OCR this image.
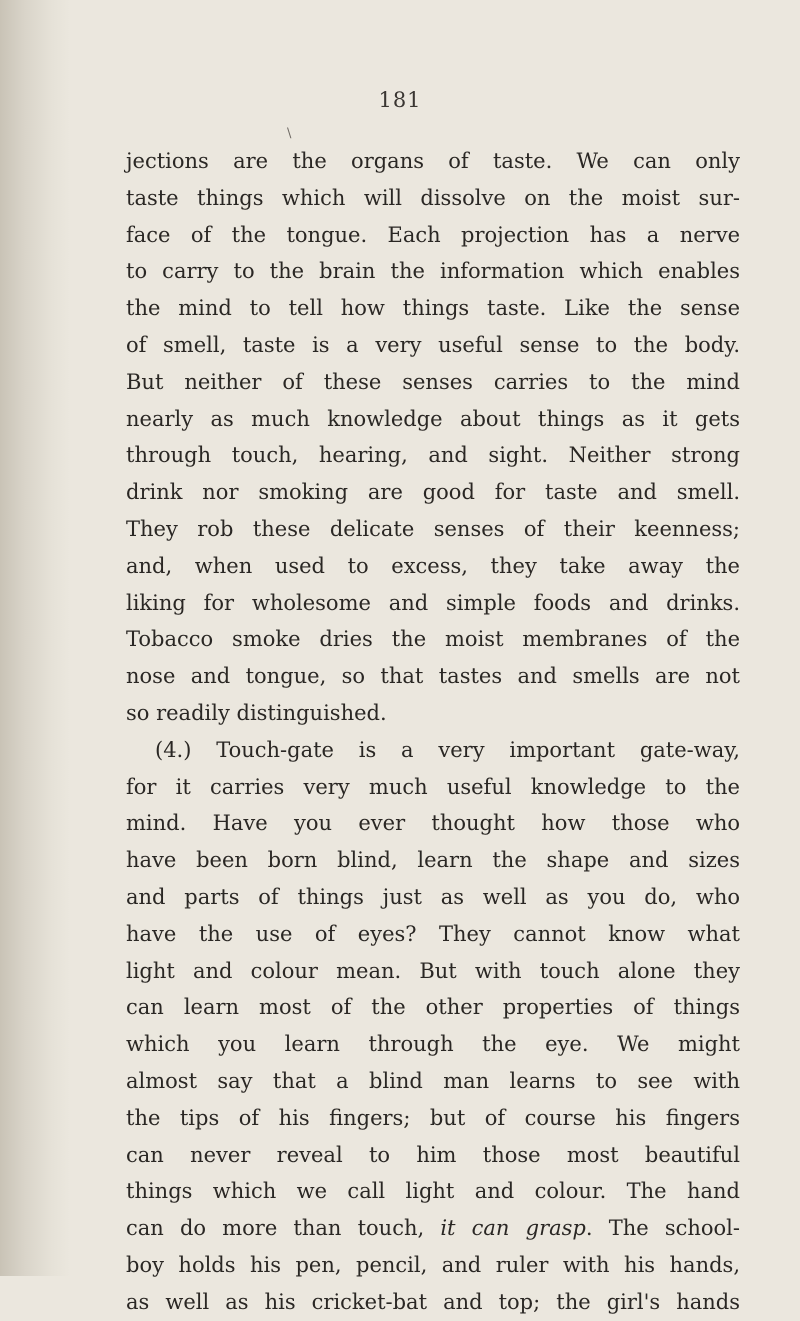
181
\
jections are the organs of taste. We can only
taste things which will dissolve on the moist sur-
face of the tongue. Each projection has a nerve
to carry to the brain the information which enables
the mind to tell how things taste. Like the sense
of smell, taste is a very useful sense to the body.
But neither of these senses carries to the mind
nearly as much knowledge about things as it gets
through touch, hearing, and sight. Neither strong
drink nor smoking are good for taste and smell.
They rob these delicate senses of their keenness;
and, when used to excess, they take away the
liking for wholesome and simple foods and drinks.
Tobacco smoke dries the moist membranes of the
nose and tongue, so that tastes and smells are not
so readily distinguished.
(4.) Touch-gate is a very important gate-way,
for it carries very much useful knowledge to the
mind. Have you ever thought how those who
have been born blind, learn the shape and sizes
and parts of things just as well as you do, who
have the use of eyes? They cannot know what
light and colour mean. But with touch alone they
can learn most of the other properties of things
which you learn through the eye. We might
almost say that a blind man learns to see with
the tips of his fingers; but of course his fingers
can never reveal to him those most beautiful
things which we call light and colour. The hand
can do more than touch, it can grasp. The school-
boy holds his pen, pencil, and ruler with his hands,
as well as his cricket-bat and top; the girl's hands
